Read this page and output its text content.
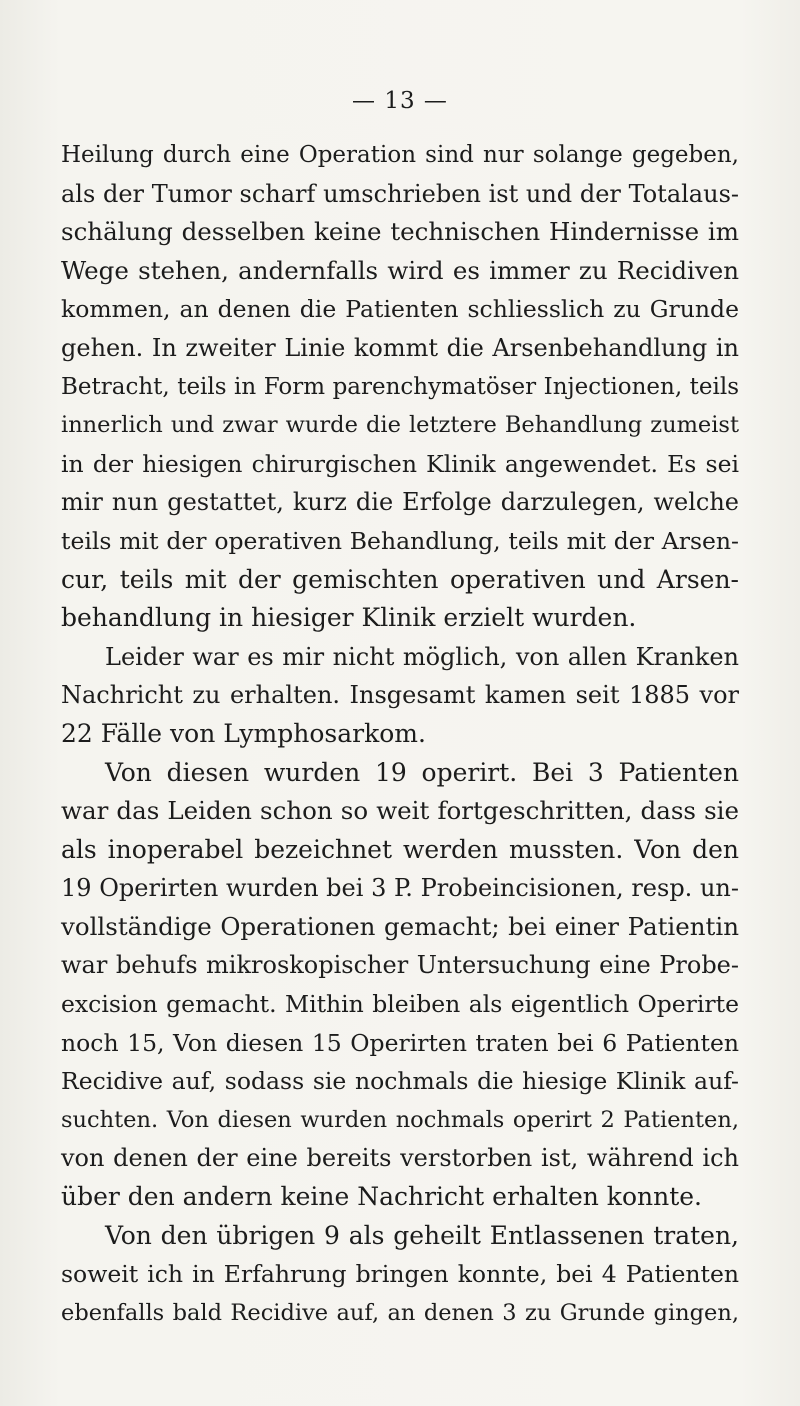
— 13 —
Heilung durch eine Operation sind nur solange gegeben,
als der Tumor scharf umschrieben ist und der Totalaus-
schälung desselben keine technischen Hindernisse im
Wege stehen, andernfalls wird es immer zu Recidiven
kommen, an denen die Patienten schliesslich zu Grunde
gehen. In zweiter Linie kommt die Arsenbehandlung in
Betracht, teils in Form parenchymatöser Injectionen, teils
innerlich und zwar wurde die letztere Behandlung zumeist
in der hiesigen chirurgischen Klinik angewendet. Es sei
mir nun gestattet, kurz die Erfolge darzulegen, welche
teils mit der operativen Behandlung, teils mit der Arsen-
cur, teils mit der gemischten operativen und Arsen-
behandlung in hiesiger Klinik erzielt wurden.
Leider war es mir nicht möglich, von allen Kranken
Nachricht zu erhalten. Insgesamt kamen seit 1885 vor
22 Fälle von Lymphosarkom.
Von diesen wurden 19 operirt. Bei 3 Patienten
war das Leiden schon so weit fortgeschritten, dass sie
als inoperabel bezeichnet werden mussten. Von den
19 Operirten wurden bei 3 P. Probeincisionen, resp. un-
vollständige Operationen gemacht; bei einer Patientin
war behufs mikroskopischer Untersuchung eine Probe-
excision gemacht. Mithin bleiben als eigentlich Operirte
noch 15, Von diesen 15 Operirten traten bei 6 Patienten
Recidive auf, sodass sie nochmals die hiesige Klinik auf-
suchten. Von diesen wurden nochmals operirt 2 Patienten,
von denen der eine bereits verstorben ist, während ich
über den andern keine Nachricht erhalten konnte.
Von den übrigen 9 als geheilt Entlassenen traten,
soweit ich in Erfahrung bringen konnte, bei 4 Patienten
ebenfalls bald Recidive auf, an denen 3 zu Grunde gingen,
